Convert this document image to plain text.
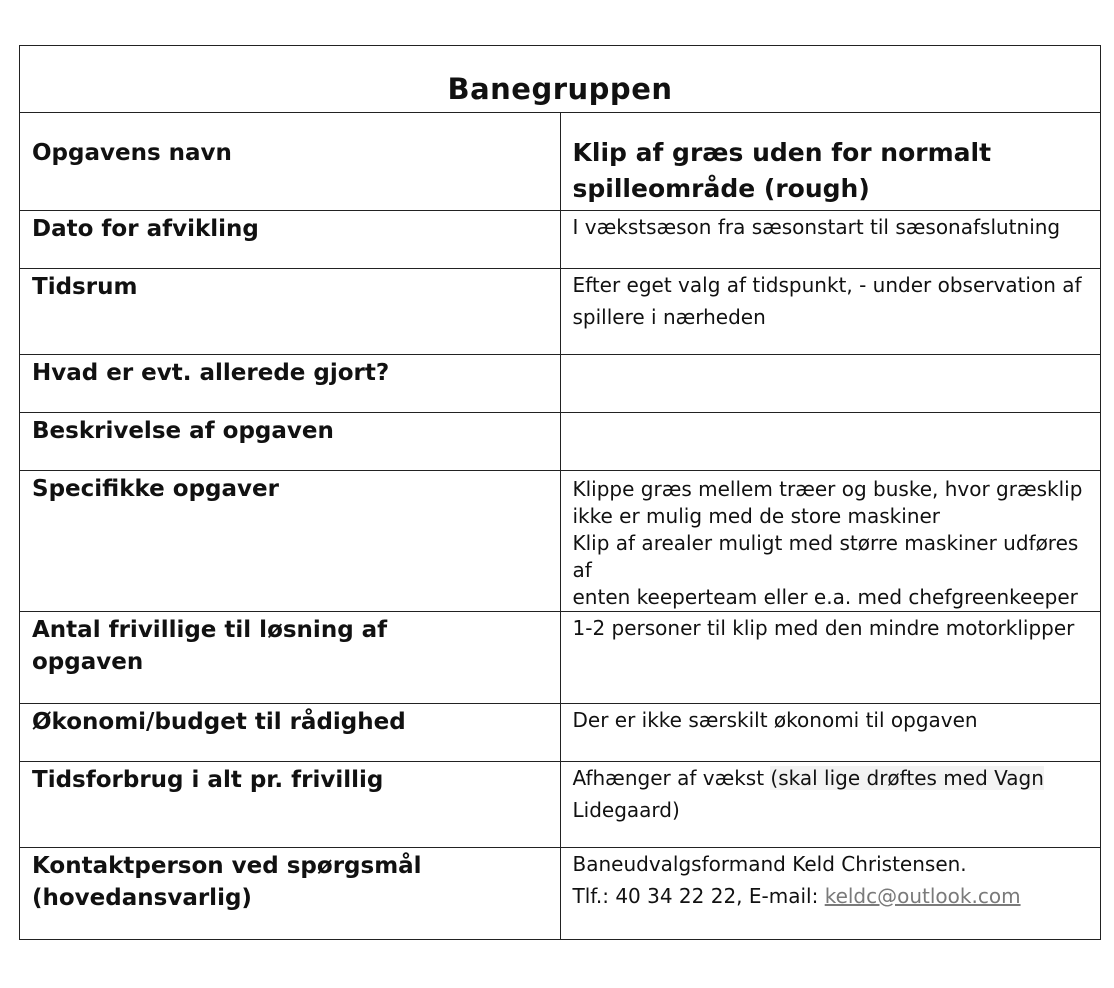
Banegruppen	
Opgavens navn	Klip af græs uden for normalt
spilleområde (rough)

Dato for afvikling	I vækstsæson fra sæsonstart til sæsonafslutning

Tidsrum	Efter eget valg af tidspunkt, - under observation af
spillere i nærheden

Hvad er evt. allerede gjort?	
Beskrivelse af opgaven	
Specifikke opgaver	Klippe græs mellem træer og buske, hvor græsklip
ikke er mulig med de store maskiner
Klip af arealer muligt med større maskiner udføres af
enten keeperteam eller e.a. med chefgreenkeeper

Antal frivillige til løsning af
opgaven	1-2 personer til klip med den mindre motorklipper

Økonomi/budget til rådighed	Der er ikke særskilt økonomi til opgaven

Tidsforbrug i alt pr. frivillig	Afhænger af vækst (skal lige drøftes med Vagn
Lidegaard)

Kontaktperson ved spørgsmål
(hovedansvarlig)	Baneudvalgsformand Keld Christensen.
Tlf.: 40 34 22 22, E-mail: keldc@outlook.com
